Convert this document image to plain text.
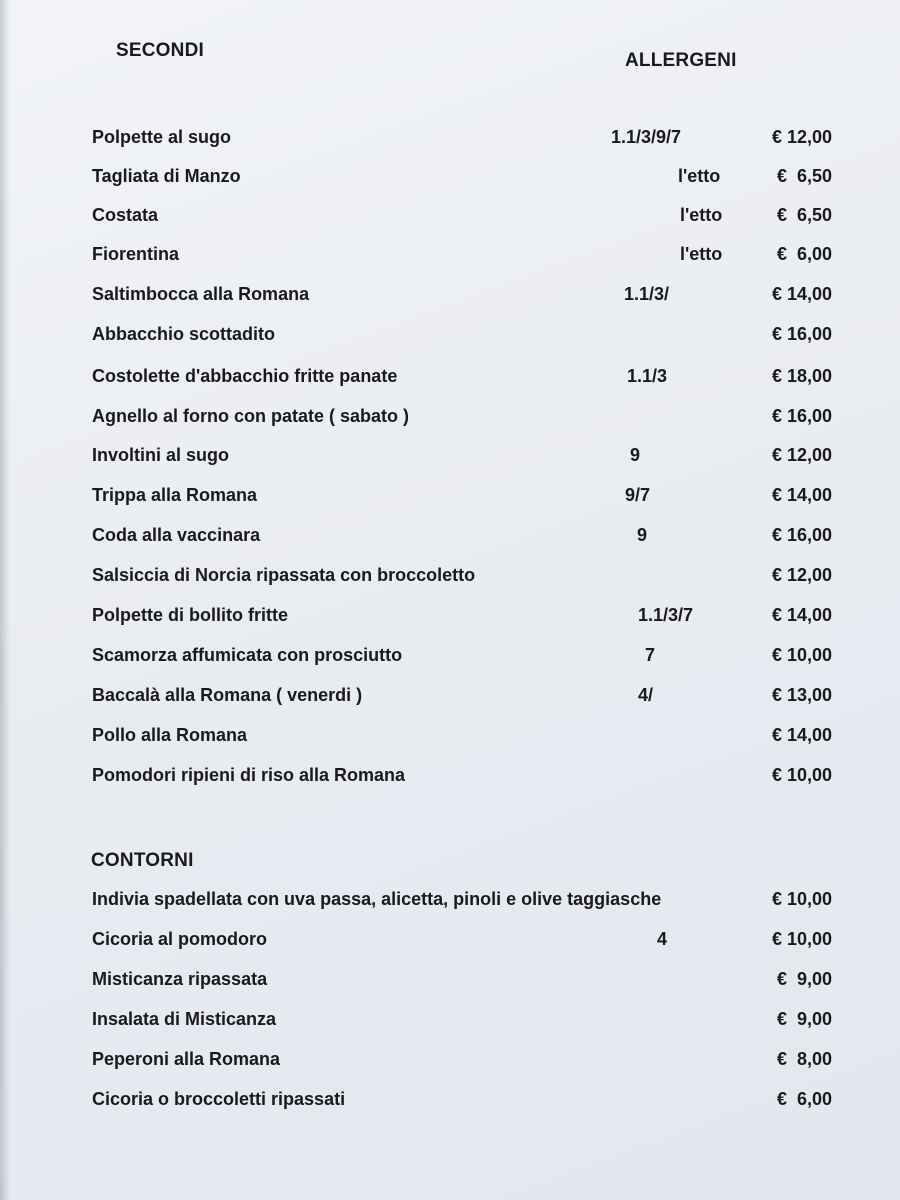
SECONDI	ALLERGENI
Polpette al sugo	1.1/3/9/7	€ 12,00
Tagliata di Manzo	l'etto	€  6,50
Costata	l'etto	€  6,50
Fiorentina	l'etto	€  6,00
Saltimbocca alla Romana	1.1/3/	€ 14,00
Abbacchio scottadito	€ 16,00
Costolette d'abbacchio fritte panate	1.1/3	€ 18,00
Agnello al forno con patate ( sabato )	€ 16,00
Involtini al sugo	9	€ 12,00
Trippa alla Romana	9/7	€ 14,00
Coda alla vaccinara	9	€ 16,00
Salsiccia di Norcia ripassata con broccoletto	€ 12,00
Polpette di bollito fritte	1.1/3/7	€ 14,00
Scamorza affumicata con prosciutto	7	€ 10,00
Baccalà alla Romana ( venerdi )	4/	€ 13,00
Pollo alla Romana	€ 14,00
Pomodori ripieni di riso alla Romana	€ 10,00
CONTORNI
Indivia spadellata con uva passa, alicetta, pinoli e olive taggiasche	€ 10,00
Cicoria al pomodoro	4	€ 10,00
Misticanza ripassata	€  9,00
Insalata di Misticanza	€  9,00
Peperoni alla Romana	€  8,00
Cicoria o broccoletti ripassati	€  6,00
